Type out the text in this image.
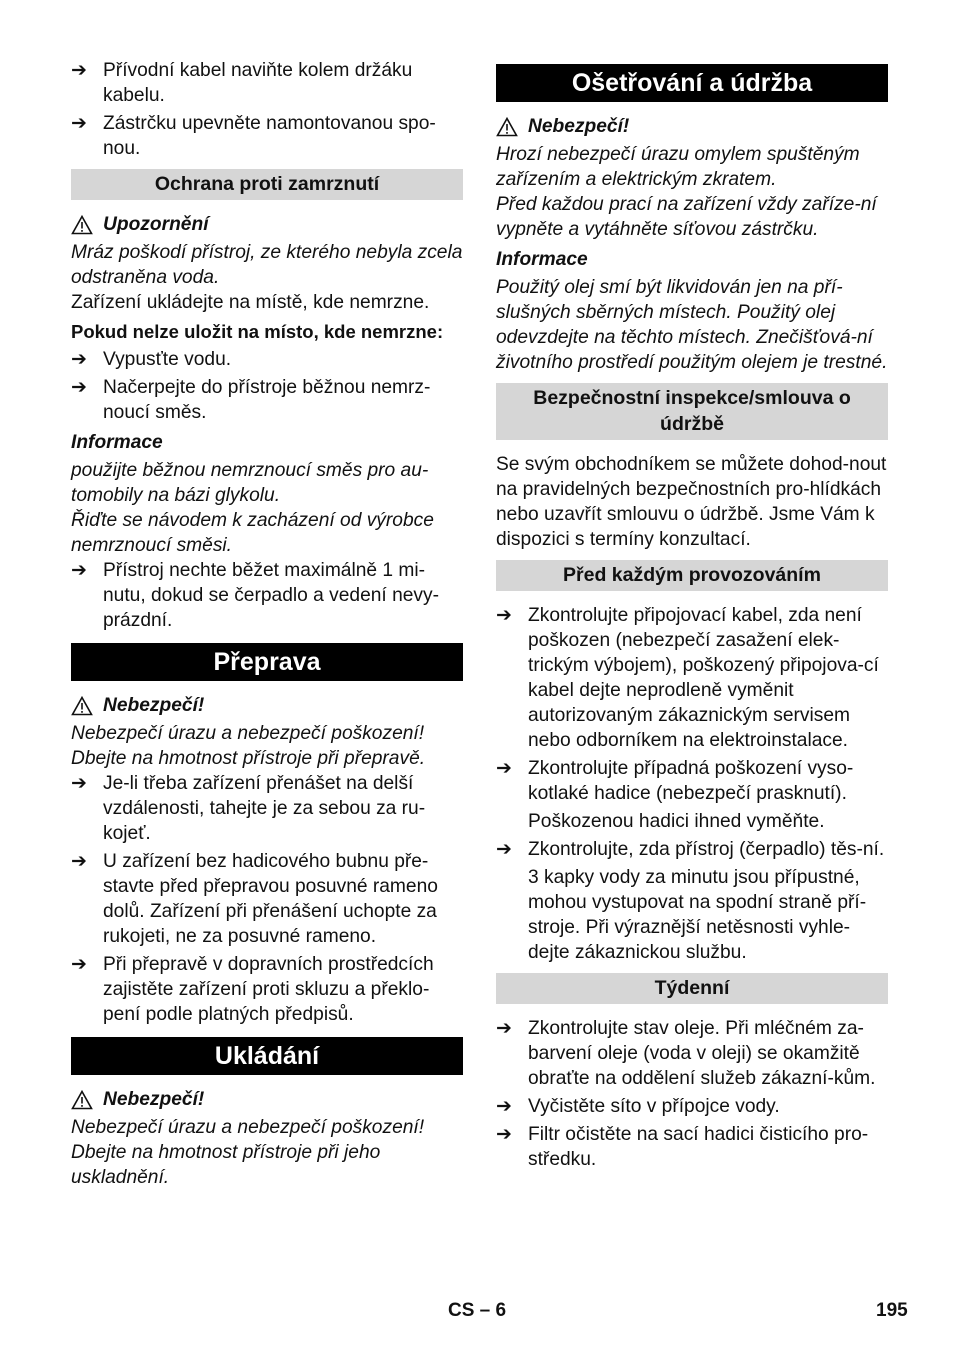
➔ Přívodní kabel naviňte kolem držáku kabelu.
➔ Zástrčku upevněte namontovanou spo-nou.
Ochrana proti zamrznutí

Upozornění

Mráz poškodí přístroj, ze kterého nebyla zcela odstraněna voda.

Zařízení ukládejte na místě, kde nemrzne.

Pokud nelze uložit na místo, kde nemrzne:

➔ Vypusťte vodu.
➔ Načerpejte do přístroje běžnou nemrz-noucí směs.

Informace

použijte běžnou nemrznoucí směs pro au-tomobily na bázi glykolu.

Řiďte se návodem k zacházení od výrobce nemrznoucí směsi.

➔ Přístroj nechte běžet maximálně 1 mi-nutu, dokud se čerpadlo a vedení nevy-prázdní.
Přeprava

Nebezpečí!

Nebezpečí úrazu a nebezpečí poškození! Dbejte na hmotnost přístroje při přepravě.

➔ Je-li třeba zařízení přenášet na delší vzdálenosti, tahejte je za sebou za ru-kojeť.
➔ U zařízení bez hadicového bubnu pře-stavte před přepravou posuvné rameno dolů. Zařízení při přenášení uchopte za rukojeti, ne za posuvné rameno.
➔ Při přepravě v dopravních prostředcích zajistěte zařízení proti skluzu a překlo-pení podle platných předpisů.
Ukládání

Nebezpečí!

Nebezpečí úrazu a nebezpečí poškození! Dbejte na hmotnost přístroje při jeho uskladnění.

Ošetřování a údržba

Nebezpečí!

Hrozí nebezpečí úrazu omylem spuštěným zařízením a elektrickým zkratem.

Před každou prací na zařízení vždy zaříze-ní vypněte a vytáhněte síťovou zástrčku.

Informace

Použitý olej smí být likvidován jen na pří-slušných sběrných místech. Použitý olej odevzdejte na těchto místech. Znečišťová-ní životního prostředí použitým olejem je trestné.

Bezpečnostní inspekce/smlouva o údržbě

Se svým obchodníkem se můžete dohod-nout na pravidelných bezpečnostních pro-hlídkách nebo uzavřít smlouvu o údržbě. Jsme Vám k dispozici s termíny konzultací.

Před každým provozováním
➔ Zkontrolujte připojovací kabel, zda není poškozen (nebezpečí zasažení elek-trickým výbojem), poškozený připojova-cí kabel dejte neprodleně vyměnit autorizovaným zákaznickým servisem nebo odborníkem na elektroinstalace.
➔ Zkontrolujte případná poškození vyso-kotlaké hadice (nebezpečí prasknutí).

Poškozenou hadici ihned vyměňte.

➔ Zkontrolujte, zda přístroj (čerpadlo) těs-ní.

3 kapky vody za minutu jsou přípustné, mohou vystupovat na spodní straně pří-stroje. Při výraznější netěsnosti vyhle-dejte zákaznickou službu.

Týdenní
➔ Zkontrolujte stav oleje. Při mléčném za-barvení oleje (voda v oleji) se okamžitě obraťte na oddělení služeb zákazní-kům.
➔ Vyčistěte síto v přípojce vody.
➔ Filtr očistěte na sací hadici čisticího pro-středku.
CS – 6	195
